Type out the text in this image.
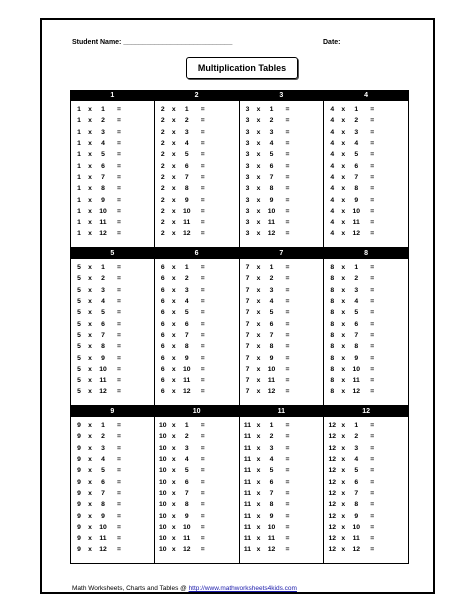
Student Name: ____________________________	Date:
Multiplication Tables
1
1	x	1	=
1	x	2	=
1	x	3	=
1	x	4	=
1	x	5	=
1	x	6	=
1	x	7	=
1	x	8	=
1	x	9	=
1	x	10	=
1	x	11	=
1	x	12	=
2
2	x	1	=
2	x	2	=
2	x	3	=
2	x	4	=
2	x	5	=
2	x	6	=
2	x	7	=
2	x	8	=
2	x	9	=
2	x	10	=
2	x	11	=
2	x	12	=
3
3	x	1	=
3	x	2	=
3	x	3	=
3	x	4	=
3	x	5	=
3	x	6	=
3	x	7	=
3	x	8	=
3	x	9	=
3	x	10	=
3	x	11	=
3	x	12	=
4
4	x	1	=
4	x	2	=
4	x	3	=
4	x	4	=
4	x	5	=
4	x	6	=
4	x	7	=
4	x	8	=
4	x	9	=
4	x	10	=
4	x	11	=
4	x	12	=
5
5	x	1	=
5	x	2	=
5	x	3	=
5	x	4	=
5	x	5	=
5	x	6	=
5	x	7	=
5	x	8	=
5	x	9	=
5	x	10	=
5	x	11	=
5	x	12	=
6
6	x	1	=
6	x	2	=
6	x	3	=
6	x	4	=
6	x	5	=
6	x	6	=
6	x	7	=
6	x	8	=
6	x	9	=
6	x	10	=
6	x	11	=
6	x	12	=
7
7	x	1	=
7	x	2	=
7	x	3	=
7	x	4	=
7	x	5	=
7	x	6	=
7	x	7	=
7	x	8	=
7	x	9	=
7	x	10	=
7	x	11	=
7	x	12	=
8
8	x	1	=
8	x	2	=
8	x	3	=
8	x	4	=
8	x	5	=
8	x	6	=
8	x	7	=
8	x	8	=
8	x	9	=
8	x	10	=
8	x	11	=
8	x	12	=
9
9	x	1	=
9	x	2	=
9	x	3	=
9	x	4	=
9	x	5	=
9	x	6	=
9	x	7	=
9	x	8	=
9	x	9	=
9	x	10	=
9	x	11	=
9	x	12	=
10
10 x	1	=
10 x	2	=
10 x	3	=
10 x	4	=
10 x	5	=
10 x	6	=
10 x	7	=
10 x	8	=
10 x	9	=
10 x	10	=
10 x	11	=
10 x	12	=
11
11 x	1	=
11 x	2	=
11 x	3	=
11 x	4	=
11 x	5	=
11 x	6	=
11 x	7	=
11 x	8	=
11 x	9	=
11 x	10	=
11 x	11	=
11 x	12	=
12
12 x	1	=
12 x	2	=
12 x	3	=
12 x	4	=
12 x	5	=
12 x	6	=
12 x	7	=
12 x	8	=
12 x	9	=
12 x	10	=
12 x	11	=
12 x	12	=
Math Worksheets, Charts and Tables @ http://www.mathworksheets4kids.com
